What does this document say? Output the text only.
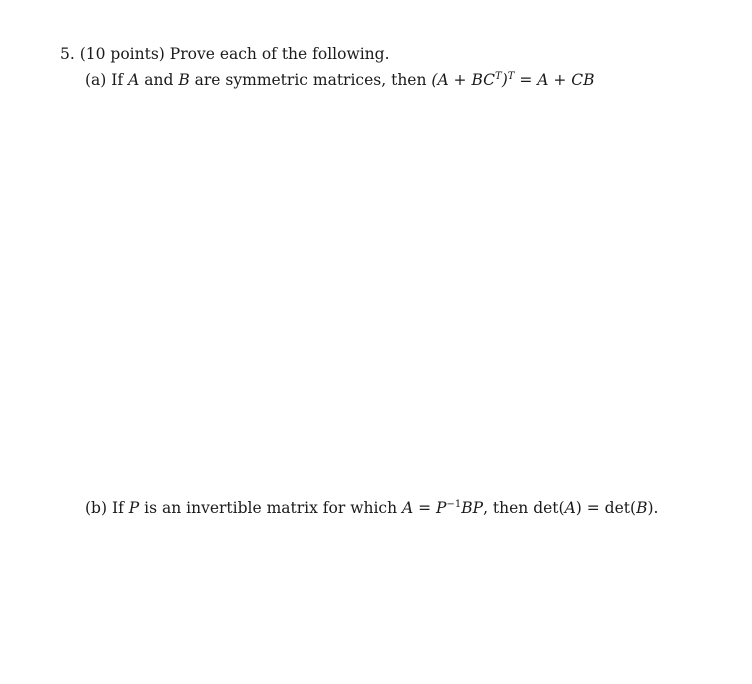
5. (10 points) Prove each of the following.
(a) If A and B are symmetric matrices, then $(A + BC^T)^T = A$ + CB
(b) If P is an invertible matrix for which $A = P^{-1}BP$, then det(A) = det(B).
